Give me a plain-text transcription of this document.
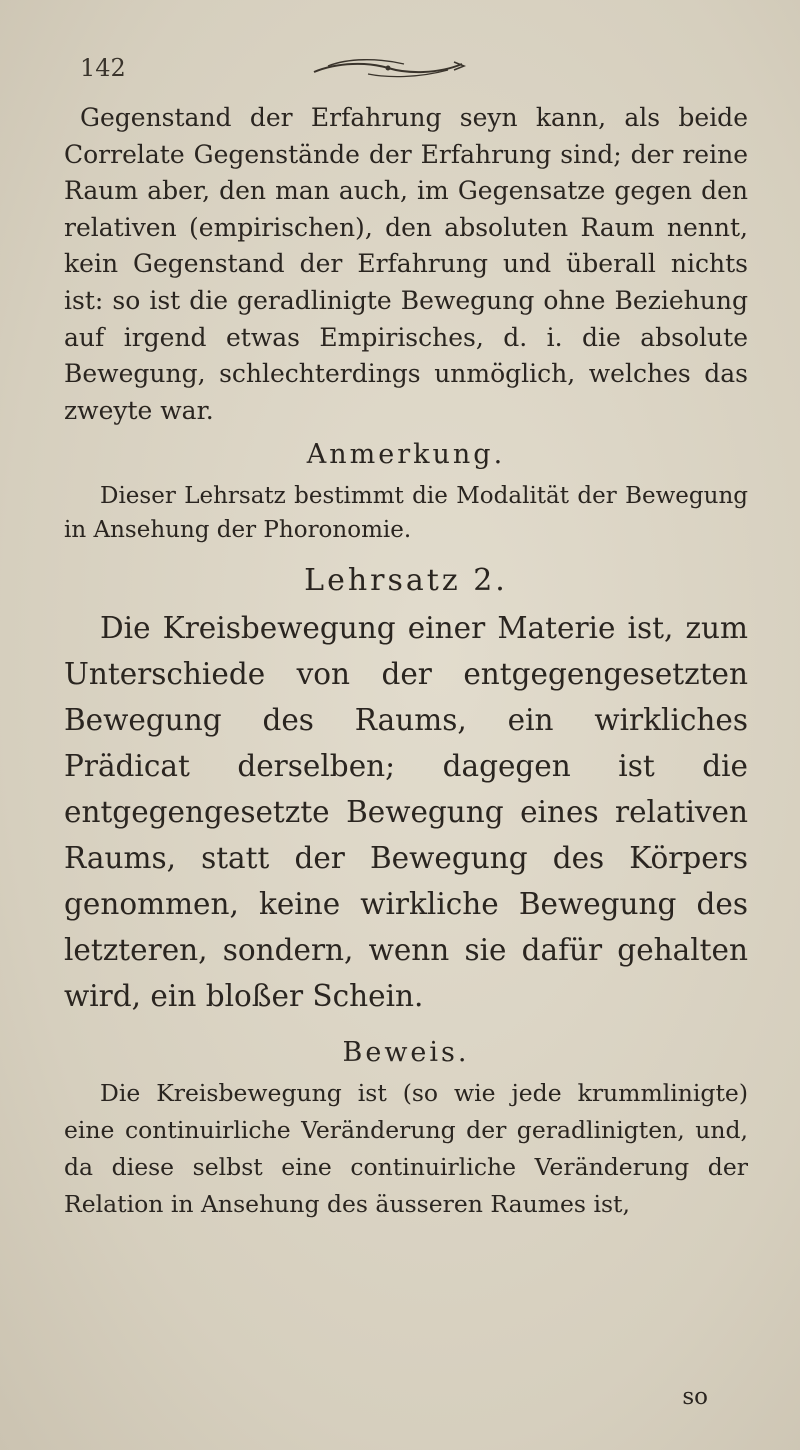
142

Gegenstand der Erfahrung seyn kann, als beide Correlate Gegenstände der Erfahrung sind; der reine Raum aber, den man auch, im Gegensatze gegen den relativen (empirischen), den absoluten Raum nennt, kein Gegenstand der Erfahrung und überall nichts ist: so ist die geradlinigte Bewegung ohne Beziehung auf irgend etwas Empirisches, d. i. die absolute Bewegung, schlechterdings unmöglich, welches das zweyte war.

Anmerkung.

Dieser Lehrsatz bestimmt die Modalität der Bewegung in Ansehung der Phoronomie.

Lehrsatz 2.

Die Kreisbewegung einer Materie ist, zum Unterschiede von der entgegengesetzten Bewegung des Raums, ein wirkliches Prädicat derselben; dagegen ist die entgegengesetzte Bewegung eines relativen Raums, statt der Bewegung des Körpers genommen, keine wirkliche Bewegung des letzteren, sondern, wenn sie dafür gehalten wird, ein bloßer Schein.

Beweis.

Die Kreisbewegung ist (so wie jede krummlinigte) eine continuirliche Veränderung der geradlinigten, und, da diese selbst eine continuirliche Veränderung der Relation in Ansehung des äusseren Raumes ist,

so
